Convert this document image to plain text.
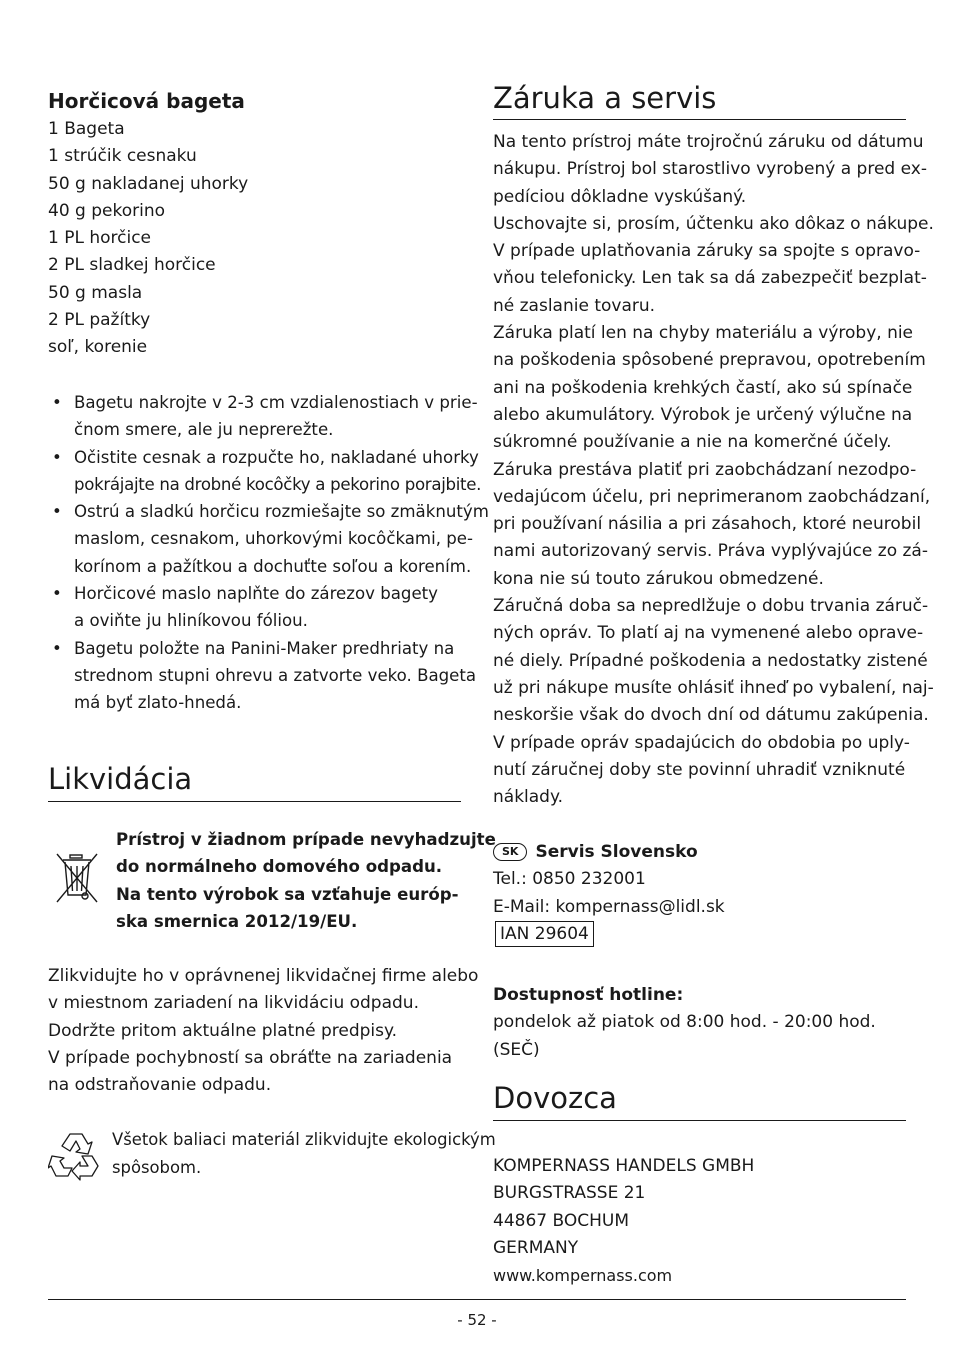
Horčicová bageta
1 Bageta
1 strúčik cesnaku
50 g nakladanej uhorky
40 g pekorino
1 PL horčice
2 PL sladkej horčice
50 g masla
2 PL pažítky
soľ, korenie
• Bagetu nakrojte v 2-3 cm vzdialenostiach v prie-
čnom smere, ale ju neprerežte.
• Očistite cesnak a rozpučte ho, nakladané uhorky
pokrájajte na drobné kocôčky a pekorino porajbite.
• Ostrú a sladkú horčicu rozmiešajte so zmäknutým
maslom, cesnakom, uhorkovými kocôčkami, pe-
korínom a pažítkou a dochuťte soľou a korením.
• Horčicové maslo naplňte do zárezov bagety
a oviňte ju hliníkovou fóliou.
• Bagetu položte na Panini-Maker predhriaty na
strednom stupni ohrevu a zatvorte veko. Bageta
má byť zlato-hnedá.
Likvidácia
Prístroj v žiadnom prípade nevyhadzujte
do normálneho domového odpadu.
Na tento výrobok sa vzťahuje európ-
ska smernica 2012/19/EU.
Zlikvidujte ho v oprávnenej likvidačnej firme alebo
v miestnom zariadení na likvidáciu odpadu.
Dodržte pritom aktuálne platné predpisy.
V prípade pochybností sa obráťte na zariadenia
na odstraňovanie odpadu.
Všetok baliaci materiál zlikvidujte ekologickým
spôsobom.
Záruka a servis
Na tento prístroj máte trojročnú záruku od dátumu
nákupu. Prístroj bol starostlivo vyrobený a pred ex-
pedíciou dôkladne vyskúšaný.
Uschovajte si, prosím, účtenku ako dôkaz o nákupe.
V prípade uplatňovania záruky sa spojte s opravo-
vňou telefonicky. Len tak sa dá zabezpečiť bezplat-
né zaslanie tovaru.
Záruka platí len na chyby materiálu a výroby, nie
na poškodenia spôsobené prepravou, opotrebením
ani na poškodenia krehkých častí, ako sú spínače
alebo akumulátory. Výrobok je určený výlučne na
súkromné používanie a nie na komerčné účely.
Záruka prestáva platiť pri zaobchádzaní nezodpo-
vedajúcom účelu, pri neprimeranom zaobchádzaní,
pri používaní násilia a pri zásahoch, ktoré neurobil
nami autorizovaný servis. Práva vyplývajúce zo zá-
kona nie sú touto zárukou obmedzené.
Záručná doba sa nepredlžuje o dobu trvania záruč-
ných opráv. To platí aj na vymenené alebo oprave-
né diely. Prípadné poškodenia a nedostatky zistené
už pri nákupe musíte ohlásiť ihneď po vybalení, naj-
neskoršie však do dvoch dní od dátumu zakúpenia.
V prípade opráv spadajúcich do obdobia po uply-
nutí záručnej doby ste povinní uhradiť vzniknuté
náklady.
SK Servis Slovensko
Tel.: 0850 232001
E-Mail: kompernass@lidl.sk
IAN 29604
Dostupnosť hotline:
pondelok až piatok od 8:00 hod. - 20:00 hod.
(SEČ)
Dovozca
KOMPERNASS HANDELS GMBH
BURGSTRASSE 21
44867 BOCHUM
GERMANY
www.kompernass.com
- 52 -
